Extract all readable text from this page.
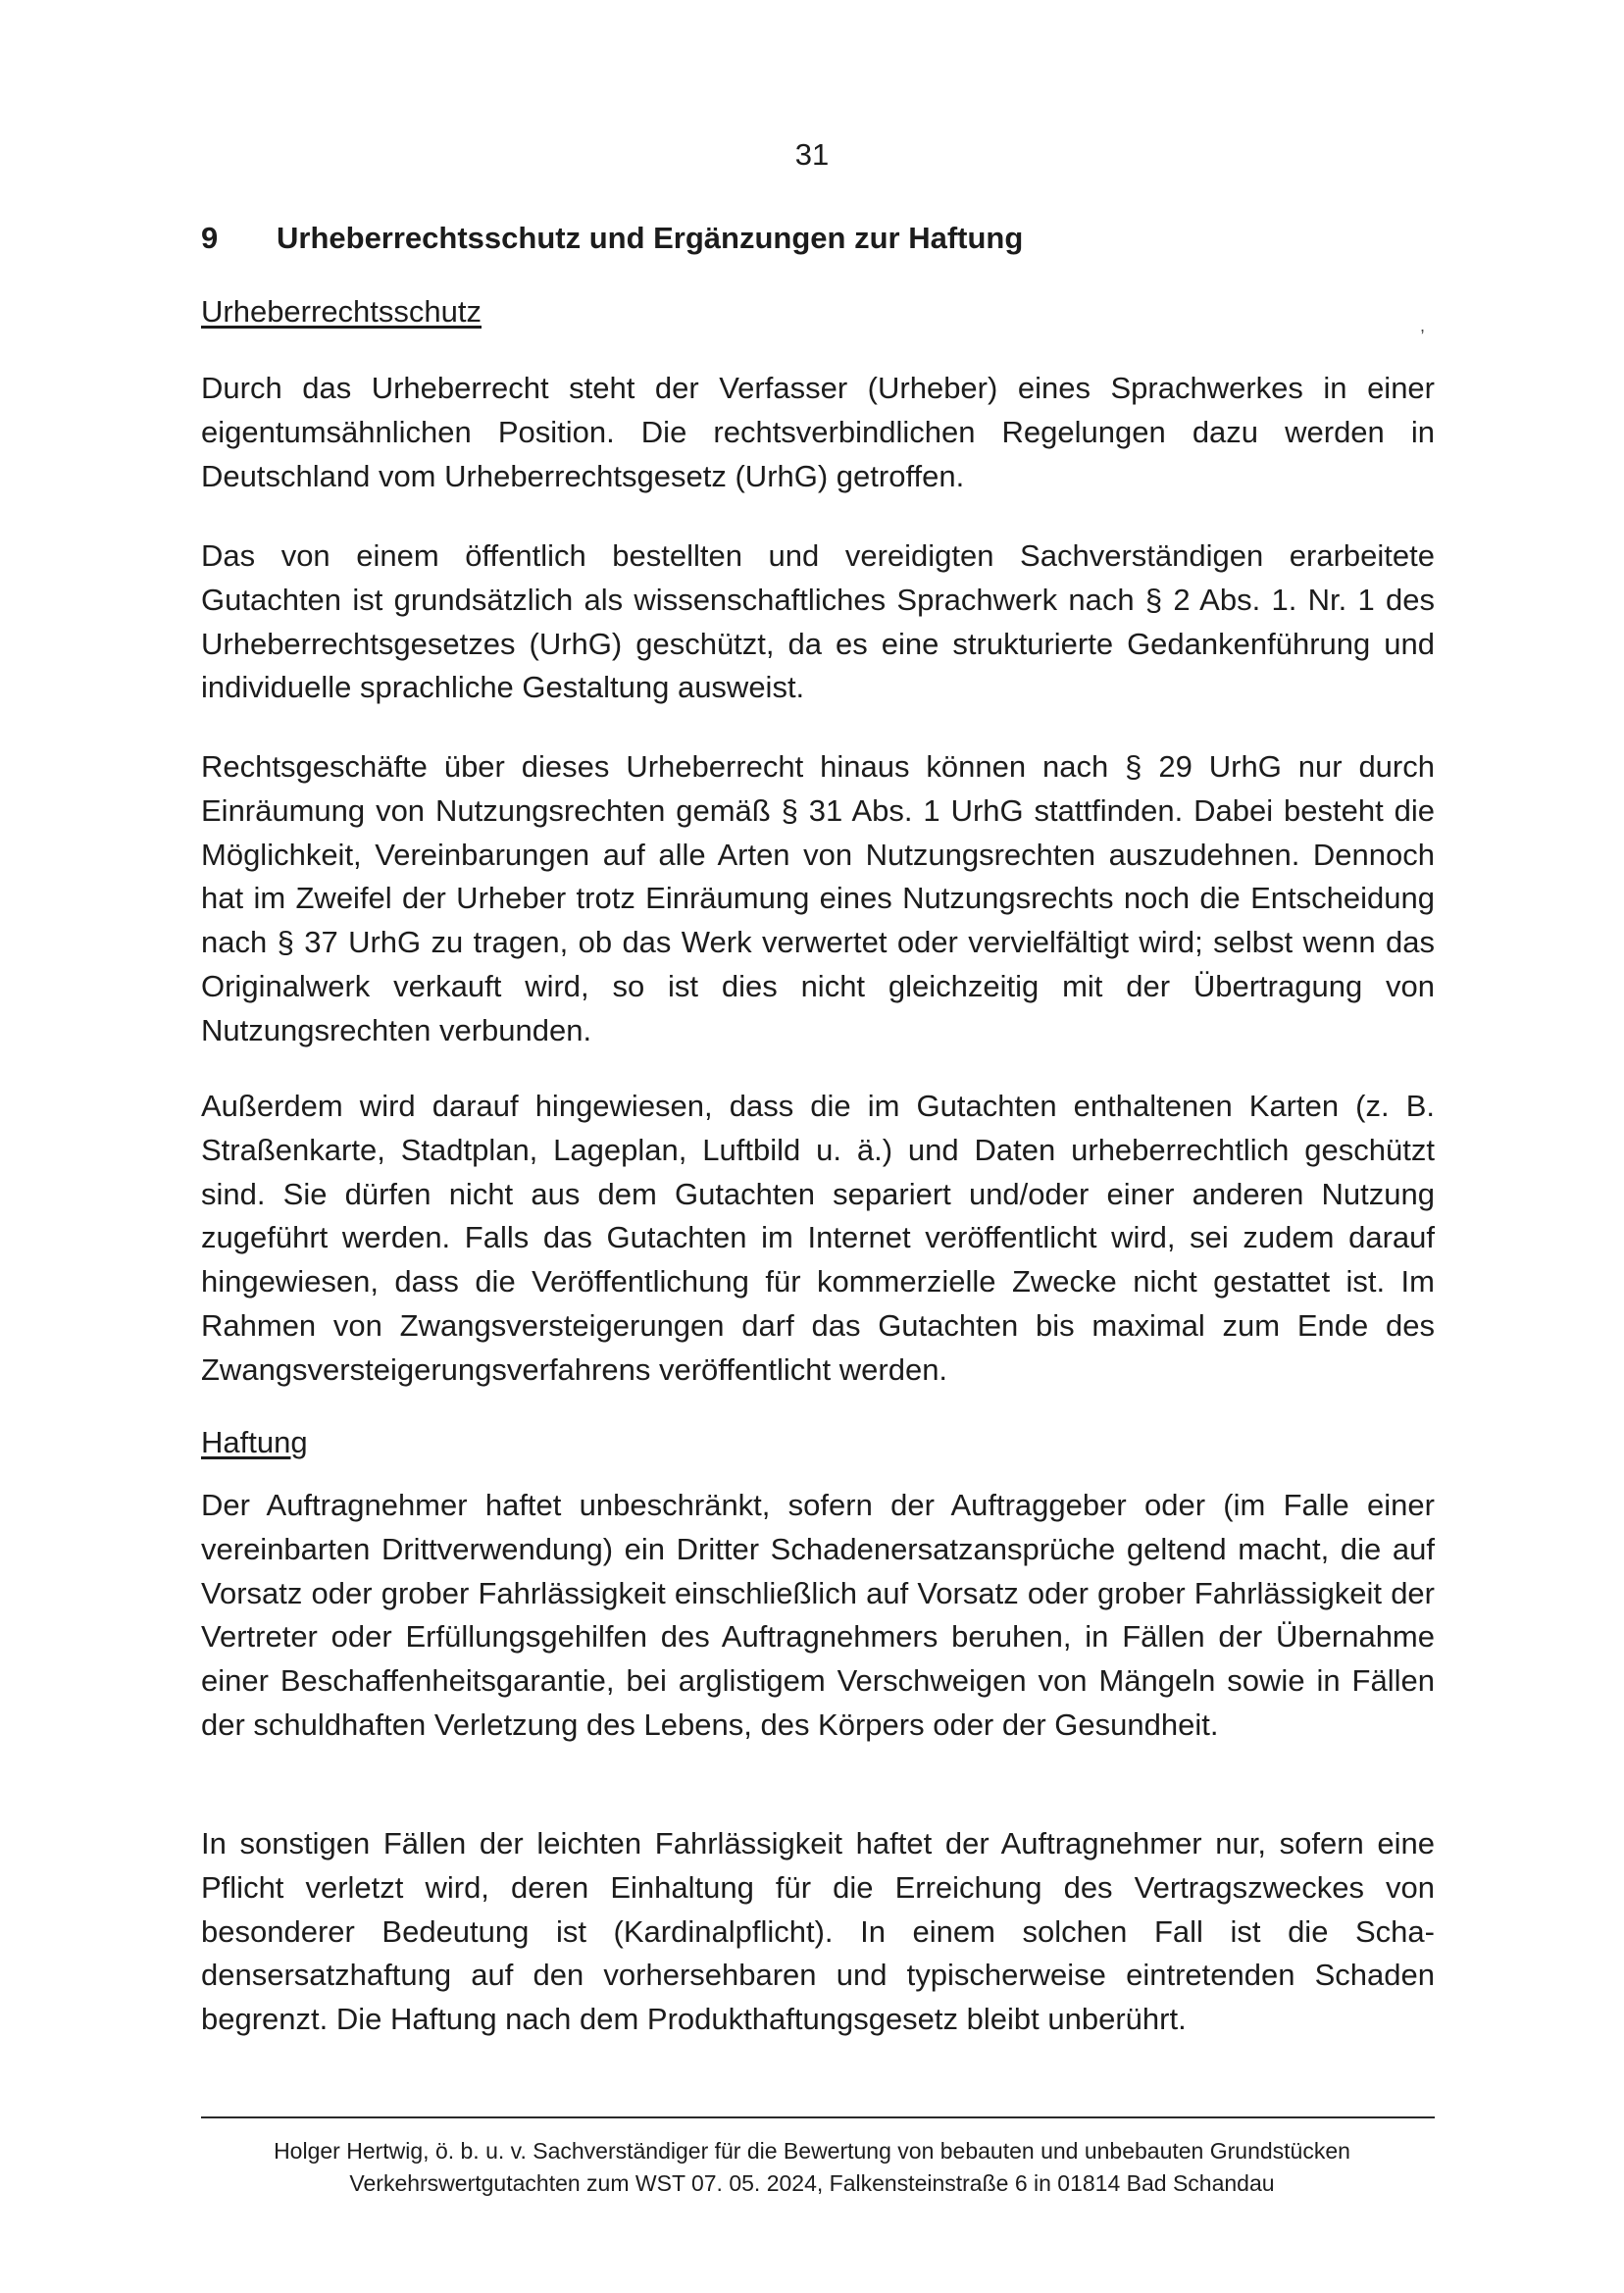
31
9 Urheberrechtsschutz und Ergänzungen zur Haftung
Urheberrechtsschutz	,

Durch das Urheberrecht steht der Verfasser (Urheber) eines Sprachwerkes in einer eigentumsähnlichen Position. Die rechtsverbindlichen Regelungen dazu werden in Deutschland vom Urheberrechtsgesetz (UrhG) getroffen.

Das von einem öffentlich bestellten und vereidigten Sachverständigen erarbeitete Gutachten ist grundsätzlich als wissenschaftliches Sprachwerk nach § 2 Abs. 1. Nr. 1 des Urheberrechtsgesetzes (UrhG) geschützt, da es eine strukturierte Gedankenführung und individuelle sprachliche Gestaltung ausweist.

Rechtsgeschäfte über dieses Urheberrecht hinaus können nach § 29 UrhG nur durch Einräumung von Nutzungsrechten gemäß § 31 Abs. 1 UrhG stattfinden. Dabei besteht die Möglichkeit, Vereinbarungen auf alle Arten von Nutzungsrechten auszudehnen. Dennoch hat im Zweifel der Urheber trotz Einräumung eines Nutzungsrechts noch die Entscheidung nach § 37 UrhG zu tragen, ob das Werk verwertet oder vervielfältigt wird; selbst wenn das Originalwerk verkauft wird, so ist dies nicht gleichzeitig mit der Übertragung von Nutzungsrechten verbunden.

Außerdem wird darauf hingewiesen, dass die im Gutachten enthaltenen Karten (z. B. Straßenkarte, Stadtplan, Lageplan, Luftbild u. ä.) und Daten urheberrechtlich geschützt sind. Sie dürfen nicht aus dem Gutachten separiert und/oder einer anderen Nutzung zugeführt werden. Falls das Gutachten im Internet veröffentlicht wird, sei zudem darauf hingewiesen, dass die Veröffentlichung für kommerzielle Zwecke nicht gestattet ist. Im Rahmen von Zwangsversteigerungen darf das Gutachten bis maximal zum Ende des Zwangsversteigerungsverfahrens veröffentlicht werden.

Haftung

Der Auftragnehmer haftet unbeschränkt, sofern der Auftraggeber oder (im Falle einer vereinbarten Drittverwendung) ein Dritter Schadenersatzansprüche geltend macht, die auf Vorsatz oder grober Fahrlässigkeit einschließlich auf Vorsatz oder grober Fahrlässigkeit der Vertreter oder Erfüllungsgehilfen des Auftragnehmers beruhen, in Fällen der Übernahme einer Beschaffenheitsgarantie, bei arglistigem Verschweigen von Mängeln sowie in Fällen der schuldhaften Verletzung des Lebens, des Körpers oder der Gesundheit.

In sonstigen Fällen der leichten Fahrlässigkeit haftet der Auftragnehmer nur, sofern eine Pflicht verletzt wird, deren Einhaltung für die Erreichung des Vertragszweckes von besonderer Bedeutung ist (Kardinalpflicht). In einem solchen Fall ist die Schadensersatzhaftung auf den vorhersehbaren und typischerweise eintretenden Schaden begrenzt. Die Haftung nach dem Produkthaftungsgesetz bleibt unberührt.

Holger Hertwig, ö. b. u. v. Sachverständiger für die Bewertung von bebauten und unbebauten Grundstücken
Verkehrswertgutachten zum WST 07. 05. 2024, Falkensteinstraße 6 in 01814 Bad Schandau
